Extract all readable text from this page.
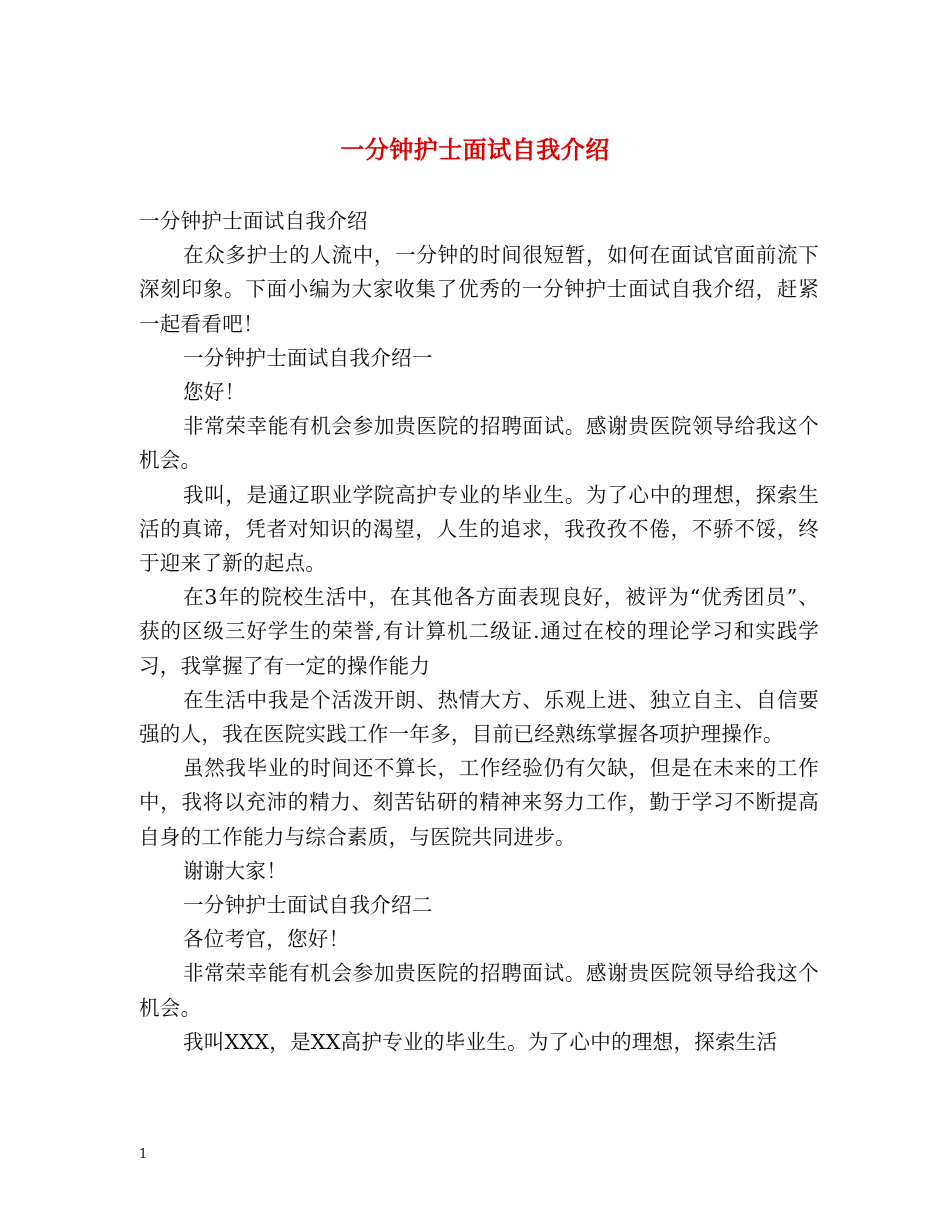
一分钟护士面试自我介绍

一分钟护士面试自我介绍

在众多护士的人流中，一分钟的时间很短暂，如何在面试官面前流下深刻印象。下面小编为大家收集了优秀的一分钟护士面试自我介绍，赶紧一起看看吧！

一分钟护士面试自我介绍一

您好！

非常荣幸能有机会参加贵医院的招聘面试。感谢贵医院领导给我这个机会。

我叫，是通辽职业学院高护专业的毕业生。为了心中的理想，探索生活的真谛，凭者对知识的渴望，人生的追求，我孜孜不倦，不骄不馁，终于迎来了新的起点。

在3年的院校生活中，在其他各方面表现良好，被评为“优秀团员”、获的区级三好学生的荣誉,有计算机二级证.通过在校的理论学习和实践学习，我掌握了有一定的操作能力

在生活中我是个活泼开朗、热情大方、乐观上进、独立自主、自信要强的人，我在医院实践工作一年多，目前已经熟练掌握各项护理操作。

虽然我毕业的时间还不算长，工作经验仍有欠缺，但是在未来的工作中，我将以充沛的精力、刻苦钻研的精神来努力工作，勤于学习不断提高自身的工作能力与综合素质，与医院共同进步。

谢谢大家！

一分钟护士面试自我介绍二

各位考官，您好！

非常荣幸能有机会参加贵医院的招聘面试。感谢贵医院领导给我这个机会。

我叫XXX，是XX高护专业的毕业生。为了心中的理想，探索生活

1
